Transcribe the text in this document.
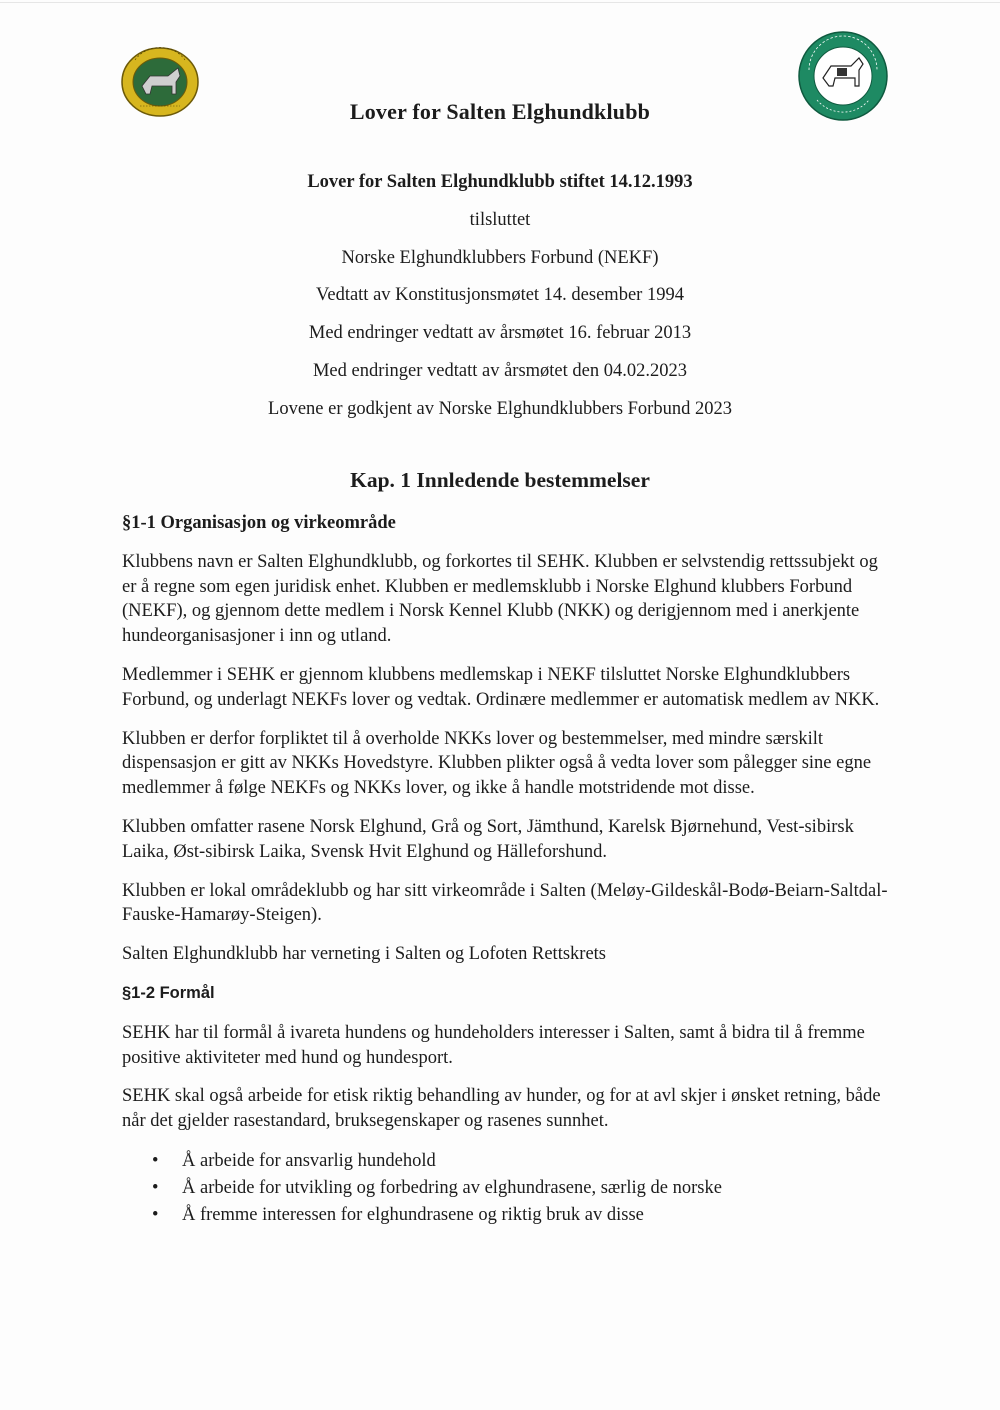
Lover for Salten Elghundklubb
Lover for Salten Elghundklubb stiftet 14.12.1993
tilsluttet
Norske Elghundklubbers Forbund (NEKF)
Vedtatt av Konstitusjonsmøtet 14. desember 1994
Med endringer vedtatt av årsmøtet 16. februar 2013
Med endringer vedtatt av årsmøtet den 04.02.2023
Lovene er godkjent av Norske Elghundklubbers Forbund 2023
Kap. 1 Innledende bestemmelser
§1-1 Organisasjon og virkeområde
Klubbens navn er Salten Elghundklubb, og forkortes til SEHK. Klubben er selvstendig rettssubjekt og er å regne som egen juridisk enhet. Klubben er medlemsklubb i Norske Elghund klubbers Forbund (NEKF), og gjennom dette medlem i Norsk Kennel Klubb (NKK) og derigjennom med i anerkjente hundeorganisasjoner i inn og utland.
Medlemmer i SEHK er gjennom klubbens medlemskap i NEKF tilsluttet Norske Elghundklubbers Forbund, og underlagt NEKFs lover og vedtak. Ordinære medlemmer er automatisk medlem av NKK.
Klubben er derfor forpliktet til å overholde NKKs lover og bestemmelser, med mindre særskilt dispensasjon er gitt av NKKs Hovedstyre. Klubben plikter også å vedta lover som pålegger sine egne medlemmer å følge NEKFs og NKKs lover, og ikke å handle motstridende mot disse.
Klubben omfatter rasene Norsk Elghund, Grå og Sort, Jämthund, Karelsk Bjørnehund, Vest-sibirsk Laika, Øst-sibirsk Laika, Svensk Hvit Elghund og Hälleforshund.
Klubben er lokal områdeklubb og har sitt virkeområde i Salten (Meløy-Gildeskål-Bodø-Beiarn-Saltdal-Fauske-Hamarøy-Steigen).
Salten Elghundklubb har verneting i Salten og Lofoten Rettskrets
§1-2 Formål
SEHK har til formål å ivareta hundens og hundeholders interesser i Salten, samt å bidra til å fremme positive aktiviteter med hund og hundesport.
SEHK skal også arbeide for etisk riktig behandling av hunder, og for at avl skjer i ønsket retning, både når det gjelder rasestandard, bruksegenskaper og rasenes sunnhet.
• Å arbeide for ansvarlig hundehold
• Å arbeide for utvikling og forbedring av elghundrasene, særlig de norske
• Å fremme interessen for elghundrasene og riktig bruk av disse
